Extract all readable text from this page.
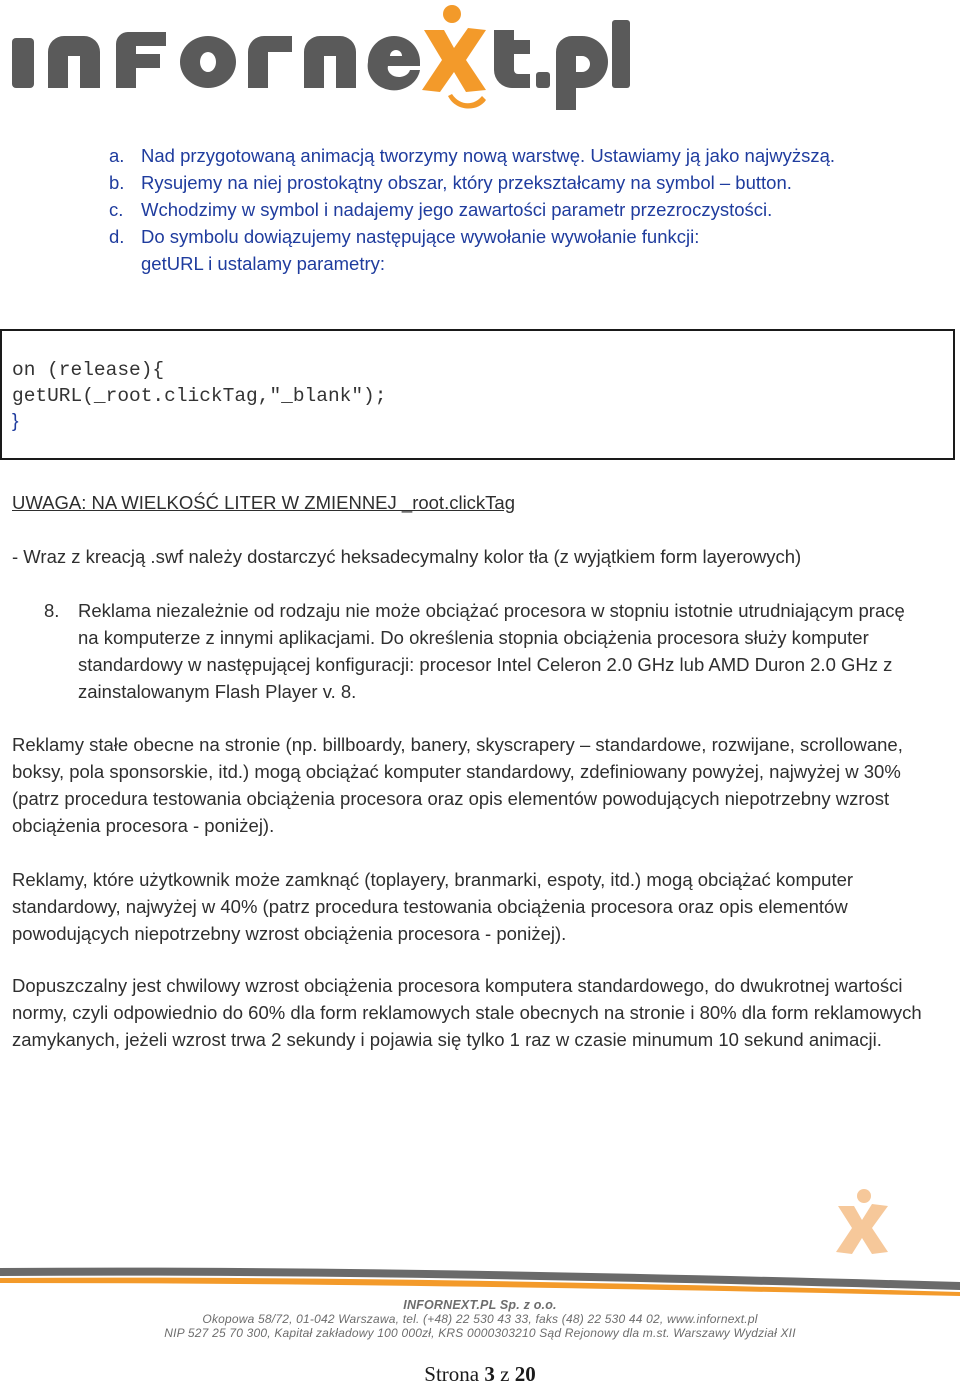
a. Nad przygotowaną animacją tworzymy nową warstwę. Ustawiamy ją jako najwyższą.
b. Rysujemy na niej prostokątny obszar, który przekształcamy na symbol – button.
c. Wchodzimy w symbol i nadajemy jego zawartości parametr przezroczystości.
d. Do symbolu dowiązujemy następujące wywołanie wywołanie funkcji:
getURL i ustalamy parametry:
on (release){
getURL(_root.clickTag,"_blank");
}

UWAGA: NA WIELKOŚĆ LITER W ZMIENNEJ _root.clickTag

- Wraz z kreacją .swf należy dostarczyć heksadecymalny kolor tła (z wyjątkiem form layerowych)

8. Reklama niezależnie od rodzaju nie może obciążać procesora w stopniu istotnie utrudniającym pracę na komputerze z innymi aplikacjami. Do określenia stopnia obciążenia procesora służy komputer standardowy w następującej konfiguracji: procesor Intel Celeron 2.0 GHz lub AMD Duron 2.0 GHz z zainstalowanym Flash Player v. 8.

Reklamy stałe obecne na stronie (np. billboardy, banery, skyscrapery – standardowe, rozwijane, scrollowane, boksy, pola sponsorskie, itd.) mogą obciążać komputer standardowy, zdefiniowany powyżej, najwyżej w 30% (patrz procedura testowania obciążenia procesora oraz opis elementów powodujących niepotrzebny wzrost obciążenia procesora - poniżej).

Reklamy, które użytkownik może zamknąć (toplayery, branmarki, espoty, itd.) mogą obciążać komputer standardowy, najwyżej w 40% (patrz procedura testowania obciążenia procesora oraz opis elementów powodujących niepotrzebny wzrost obciążenia procesora - poniżej).

Dopuszczalny jest chwilowy wzrost obciążenia procesora komputera standardowego, do dwukrotnej wartości normy, czyli odpowiednio do 60% dla form reklamowych stale obecnych na stronie i 80% dla form reklamowych zamykanych, jeżeli wzrost trwa 2 sekundy i pojawia się tylko 1 raz w czasie minumum 10 sekund animacji.

INFORNEXT.PL Sp. z o.o.
Okopowa 58/72, 01-042 Warszawa, tel. (+48) 22 530 43 33, faks (48) 22 530 44 02, www.infornext.pl
NIP 527 25 70 300, Kapitał zakładowy 100 000zł, KRS 0000303210 Sąd Rejonowy dla m.st. Warszawy Wydział XII
Strona 3 z 20
